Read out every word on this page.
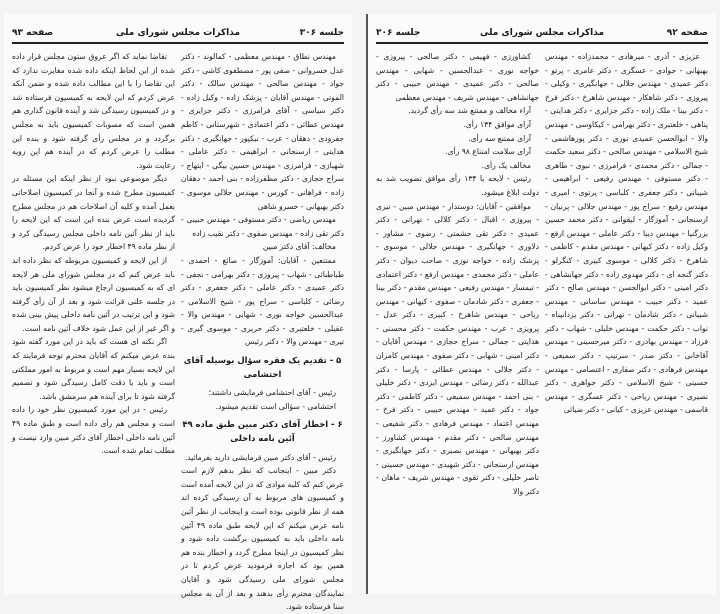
جلسه ۳۰۶
مذاکرات مجلس شورای ملی
صفحه ۹۳

مهندس نطاق - مهندس معظمی - کمالوند - دکتر عدل خسروانی - صفی پور - مصطفوی کاشی - دکتر جواد - مهندس صالحی - مهندس سالک - دکتر الموتی - مهندس آقایان - پزشک زاده - وکیل زاده - دکتر سیاسی - آقای فرامرزی - دکتر جزایری - مهندس عطائی - دکتر اعتمادی - شهرستانی - کاظم جفرودی - دهقان - عرب - نیکپور - جهانگیری - دکتر هدایتی - ارسنجانی - ابراهیمی - دکتر عاملی - شهبازی - فرامرزی - مهندس حسین بیگی - ابتهاج - سراج حجازی - دکتر مظفرزاده - بنی احمد - دهقان زاده - فراهانی - کورس - مهندس جلالی موسوی - دکتر بهبهانی - خسرو شاهی

مهندس ریاضی - دکتر مستوفی - مهندس حبیبی - دکتر تقی زاده - مهندس صفوی - دکتر نقیب زاده

مخالف: آقای دکتر مبین

ممتنعین - آقایان: آموزگار - صائغ - احمدی - طباطبائی - شهاب - پیروزی - دکتر بهرامی - نجفی - دکتر عمیدی - دکتر عاملی - دکتر جعفری - دکتر رضائی - کلباسی - سراج پور - شیخ الاسلامی - عبدالحسین خواجه نوری - شهابی - مهندس والا - عقیلی - خلعتبری - دکتر حریری - موسوی گیری - تیری - مهندس والا - دکتر رئیس

۵ - تقدیم یک فقره سؤال بوسیله آقای احتشامی

رئیس - آقای احتشامی فرمایشی داشتند؛

احتشامی - سؤالی است تقدیم میشود.

۶ - اخطار آقای دکتر مبین طبق ماده ۴۹ آئین نامه داخلی

رئیس - آقای دکتر مبین فرمایشی دارید بفرمائید.

دکتر مبین - اینجانب که نظر بدهم لازم است عرض کنم که کلیه موادی که در این لایحه آمده است و کمیسیون های مربوط به آن رسیدگی کرده اند همه از نظر قانونی بوده است و اینجانب از نظر آئین نامه عرض میکنم که این لایحه طبق ماده ۴۹ آئین نامه داخلی باید به کمیسیون برگشت داده شود و نظر کمیسیون در اینجا مطرح گردد و اخطار بنده هم همین بود که اجازه فرمودید عرض کردم تا در مجلس شورای ملی رسیدگی شود و آقایان نمایندگان محترم رأی بدهند و بعد از آن به مجلس سنا فرستاده شود.

تقاضا نماید که اگر عروق ستون مجلس قرار داده شده از این لحاظ اینکه داده شده مغایرت ندارد که این تقاضا را با این مطالب داده شده و ضمن آنکه عرض کردم که این لایحه به کمیسیون فرستاده شد و در کمیسیون رسیدگی شد و آینده قانون گذاری هم همین است که مصوبات کمیسیون باید به مجلس برگردد و در مجلس رأی گرفته شود و بنده این مطلب را عرض کردم که در آینده هم این رویه رعایت شود.

دیگر موضوعی نبود از نظر اینکه این مسئله در کمیسیون مطرح شده و آنجا در کمیسیون اصلاحاتی بعمل آمده و کلیه آن اصلاحات هم در مجلس مطرح گردیده است عرض بنده این است که این لایحه را باید از نظر آئین نامه داخلی مجلس رسیدگی کرد و از نظر ماده ۴۹ اخطار خود را عرض کردم.

از این لایحه و کمیسیون مربوطه که نظر داده اند باید عرض کنم که در مجلس شورای ملی هر لایحه ای که به کمیسیون ارجاع میشود نظر کمیسیون باید در جلسه علنی قرائت شود و بعد از آن رأی گرفته شود و این ترتیب در آئین نامه داخلی پیش بینی شده و اگر غیر از این عمل شود خلاف آئین نامه است.

اگر نکته ای هست که باید در این مورد گفته شود بنده عرض میکنم که آقایان محترم توجه فرمایند که این لایحه بسیار مهم است و مربوط به امور مملکتی است و باید با دقت کامل رسیدگی شود و تصمیم گرفته شود تا برای آینده هم سرمشق باشد.

رئیس - در این مورد کمیسیون نظر خود را داده است و مجلس هم رأی داده است و طبق ماده ۴۹ آئین نامه داخلی اخطار آقای دکتر مبین وارد نیست و مطلب تمام شده است.

صفحه ۹۲
مذاکرات مجلس شورای ملی
جلسه ۳۰۶

عزیزی - آذری - میرهادی - محمدزاده - مهندس بهبهانی - جوادی - عسگری - دکتر عامری - پرتو - دکتر عمیدی - مهندس جلالی - جهانگیری - وکیلی - پیروزی - دکتر شاهکار - مهندس شاهرخ - دکتر فرخ - دکتر بینا - ملک زاده - دکتر جزایری - دکتر هدایتی - پناهی - خلعتبری - دکتر بهرامی - کیکاوسی - مهندس والا - ابوالحسن عمیدی نوری - دکتر پورهاشمی - شیخ الاسلامی - مهندس صالحی - دکتر سعید حکمت - جمالی - دکتر محمدی - فرامرزی - نبوی - طاهری - دکتر مستوفی - مهندس رفیعی - ابراهیمی - شیبانی - دکتر جعفری - کلباسی - پرتوی - امیری - مهندس رفیع - سراج پور - مهندس جلالی - پرنیان - ارسنجانی - آموزگار - لیقوانی - دکتر محمد حسین بزرگنیا - مهندس دیبا - دکتر عاملی - مهندس ارفع - وکیل زاده - دکتر کیهانی - مهندس مقدم - کاظمی - شاهرخ - دکتر کلالی - موسوی کبیری - کنگرلو - دکتر گنجه ای - دکتر مهدوی زاده - دکتر جهانشاهی - دکتر امینی - دکتر ابوالحسن - مهندس صالح - دکتر عمید - دکتر حبیب - مهندس ساسانی - مهندس شیبانی - دکتر شادمان - تهرانی - دکتر یزدانپناه - نواب - دکتر حکمت - مهندس خلیلی - شهاب - دکتر فرزاد - مهندس بهادری - دکتر میرحسینی - مهندس آقاخانی - دکتر صدر - سرتیپ - دکتر سمیعی - مهندس فرهادی - دکتر صفاری - اعتصامی - مهندس حسینی - شیخ الاسلامی - دکتر جواهری - دکتر نصیری - مهندس ریاحی - دکتر عسگری - مهندس قاسمی - مهندس عزیزی - کیانی - دکتر ضیائی

کشاورزی - فهیمی - دکتر صالحی - پیروزی - خواجه نوری - عبدالحسین - شهابی - مهندس صالحی - دکتر عمیدی - مهندس حبیبی - دکتر جهانشاهی - مهندس شریف - مهندس معظمی

آراء مخالف و ممتنع شد سه رأی گردید.

آرای موافق ۱۳۴ رأی.

آرای ممتنع سه رأی.

آرای سلامت امتناع ۹۸ رأی.

مخالف یک رأی.

رئیس - لایحه با ۱۳۴ رأی موافق تصویب شد به دولت ابلاغ میشود.

موافقین - آقایان: دوستدار - مهندس مبین - تیری - پیروزی - اقبال - دکتر کلالی - تهرانی - دکتر عمیدی - دکتر تقی حشمتی - رضوی - مشاور - دلاوری - جهانگیری - مهندس جلالی - موسوی - پزشک زاده - خواجه نوری - صاحب دیوان - دکتر عاملی - دکتر محمدی - مهندس ارفع - دکتر اعتمادی - تیمسار - مهندس رفیعی - مهندس مقدم - دکتر بینا - جعفری - دکتر شادمان - صفوی - کیهانی - مهندس ریاحی - مهندس شاهرخ - کبیری - دکتر عدل - پرویزی - عرب - مهندس حکمت - دکتر محسنی - هدایتی - جمالی - سراج حجازی - مهندس آقایان - دکتر امینی - شهابی - دکتر صفوی - مهندس کامران - دکتر جلالی - مهندس عطائی - پارسا - دکتر عبدالله - دکتر رضائی - مهندس ایزدی - دکتر خلیلی - بنی احمد - مهندس سمیعی - دکتر کاظمی - دکتر جواد - دکتر عمید - مهندس حبیبی - دکتر فرخ - مهندس اعتماد - مهندس فرهادی - دکتر شفیعی - مهندس صالحی - دکتر مقدم - مهندس کشاورز - دکتر بهبهانی - مهندس نصیری - دکتر جهانگیری - مهندس ارسنجانی - دکتر شهیدی - مهندس حسینی - ناصر خلیلی - دکتر تقوی - مهندس شریف - ماهان - دکتر والا
